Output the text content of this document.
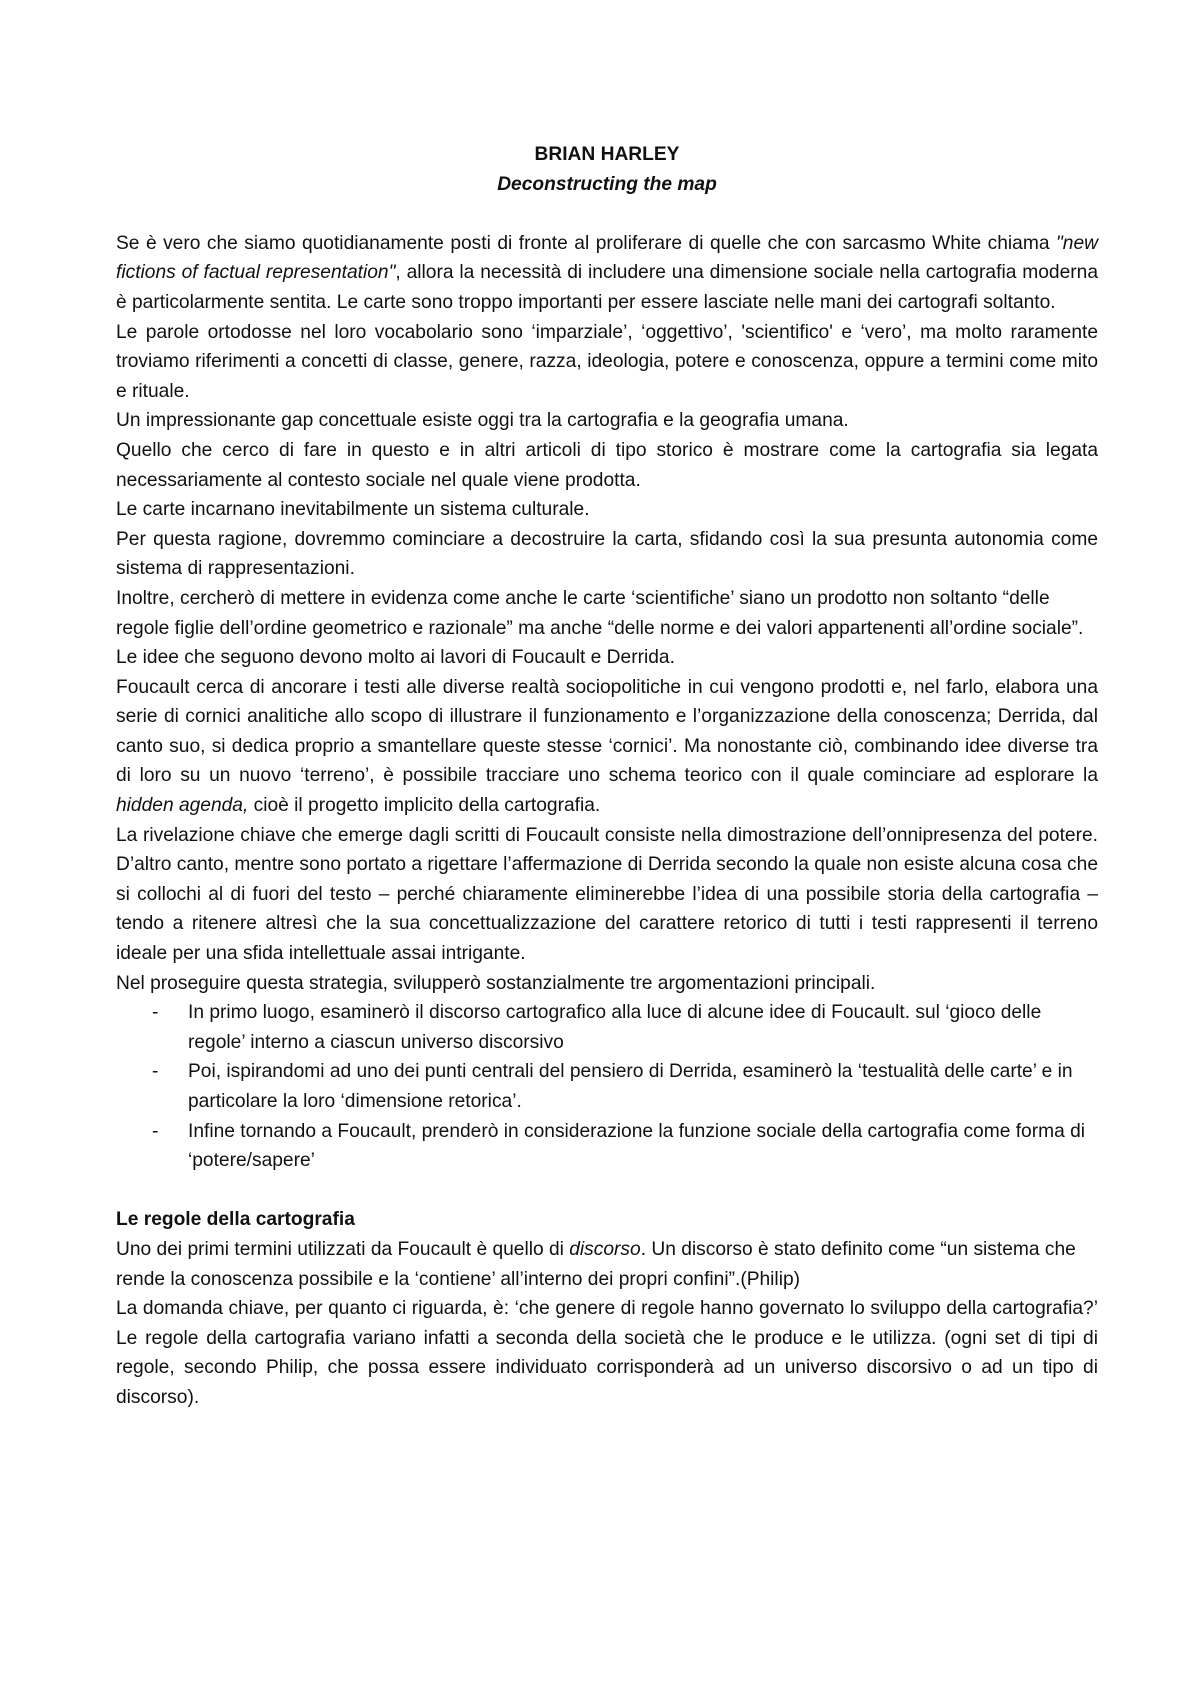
BRIAN HARLEY
Deconstructing the map

Se è vero che siamo quotidianamente posti di fronte al proliferare di quelle che con sarcasmo White chiama "new fictions of factual representation", allora la necessità di includere una dimensione sociale nella cartografia moderna è particolarmente sentita. Le carte sono troppo importanti per essere lasciate nelle mani dei cartografi soltanto.

Le parole ortodosse nel loro vocabolario sono ‘imparziale’, ‘oggettivo’, 'scientifico' e ‘vero’, ma molto raramente troviamo riferimenti a concetti di classe, genere, razza, ideologia, potere e conoscenza, oppure a termini come mito e rituale.

Un impressionante gap concettuale esiste oggi tra la cartografia e la geografia umana.

Quello che cerco di fare in questo e in altri articoli di tipo storico è mostrare come la cartografia sia legata necessariamente al contesto sociale nel quale viene prodotta.

Le carte incarnano inevitabilmente un sistema culturale.

Per questa ragione, dovremmo cominciare a decostruire la carta, sfidando così la sua presunta autonomia come sistema di rappresentazioni.

Inoltre, cercherò di mettere in evidenza come anche le carte ‘scientifiche’ siano un prodotto non soltanto “delle regole figlie dell’ordine geometrico e razionale” ma anche “delle norme e dei valori appartenenti all’ordine sociale”.

Le idee che seguono devono molto ai lavori di Foucault e Derrida.

Foucault cerca di ancorare i testi alle diverse realtà sociopolitiche in cui vengono prodotti e, nel farlo, elabora una serie di cornici analitiche allo scopo di illustrare il funzionamento e l’organizzazione della conoscenza; Derrida, dal canto suo, si dedica proprio a smantellare queste stesse ‘cornici’. Ma nonostante ciò, combinando idee diverse tra di loro su un nuovo ‘terreno’, è possibile tracciare uno schema teorico con il quale cominciare ad esplorare la hidden agenda, cioè il progetto implicito della cartografia.

La rivelazione chiave che emerge dagli scritti di Foucault consiste nella dimostrazione dell’onnipresenza del potere. D’altro canto, mentre sono portato a rigettare l’affermazione di Derrida secondo la quale non esiste alcuna cosa che si collochi al di fuori del testo – perché chiaramente eliminerebbe l’idea di una possibile storia della cartografia – tendo a ritenere altresì che la sua concettualizzazione del carattere retorico di tutti i testi rappresenti il terreno ideale per una sfida intellettuale assai intrigante.

Nel proseguire questa strategia, svilupperò sostanzialmente tre argomentazioni principali.

- In primo luogo, esaminerò il discorso cartografico alla luce di alcune idee di Foucault. sul ‘gioco delle regole’ interno a ciascun universo discorsivo
- Poi, ispirandomi ad uno dei punti centrali del pensiero di Derrida, esaminerò la ‘testualità delle carte’ e in particolare la loro ‘dimensione retorica’.
- Infine tornando a Foucault, prenderò in considerazione la funzione sociale della cartografia come forma di ‘potere/sapere’
Le regole della cartografia

Uno dei primi termini utilizzati da Foucault è quello di discorso. Un discorso è stato definito come “un sistema che rende la conoscenza possibile e la ‘contiene’ all’interno dei propri confini”.(Philip)

La domanda chiave, per quanto ci riguarda, è: ‘che genere di regole hanno governato lo sviluppo della cartografia?’ Le regole della cartografia variano infatti a seconda della società che le produce e le utilizza. (ogni set di tipi di regole, secondo Philip, che possa essere individuato corrisponderà ad un universo discorsivo o ad un tipo di discorso).
